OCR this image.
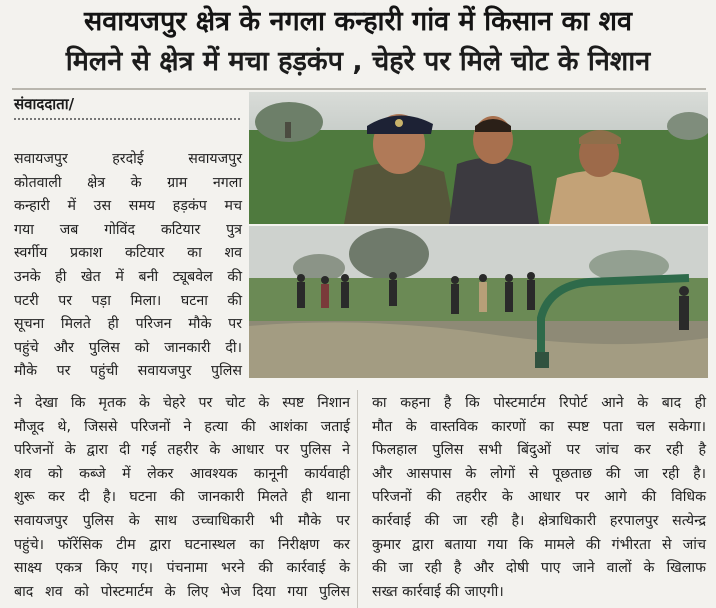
सवायजपुर क्षेत्र के नगला कन्हारी गांव में किसान का शव
मिलने से क्षेत्र में मचा हड़कंप , चेहरे पर मिले चोट के निशान
संवाददाता/
सवायजपुर हरदोई सवायजपुर
कोतवाली क्षेत्र के ग्राम नगला
कन्हारी में उस समय हड़कंप मच
गया जब गोविंद कटियार पुत्र
स्वर्गीय प्रकाश कटियार का शव
उनके ही खेत में बनी ट्यूबवेल की
पटरी पर पड़ा मिला। घटना की
सूचना मिलते ही परिजन मौके पर
पहुंचे और पुलिस को जानकारी दी।
मौके पर पहुंची सवायजपुर पुलिस
ने देखा कि मृतक के चेहरे पर चोट के स्पष्ट निशान
मौजूद थे, जिससे परिजनों ने हत्या की आशंका जताई
परिजनों के द्वारा दी गई तहरीर के आधार पर पुलिस ने
शव को कब्जे में लेकर आवश्यक कानूनी कार्यवाही
शुरू कर दी है। घटना की जानकारी मिलते ही थाना
सवायजपुर पुलिस के साथ उच्चाधिकारी भी मौके पर
पहुंचे। फॉरेंसिक टीम द्वारा घटनास्थल का निरीक्षण कर
साक्ष्य एकत्र किए गए। पंचनामा भरने की कार्रवाई के
बाद शव को पोस्टमार्टम के लिए भेज दिया गया पुलिस
का कहना है कि पोस्टमार्टम रिपोर्ट आने के बाद ही
मौत के वास्तविक कारणों का स्पष्ट पता चल सकेगा।
फिलहाल पुलिस सभी बिंदुओं पर जांच कर रही है
और आसपास के लोगों से पूछताछ की जा रही है।
परिजनों की तहरीर के आधार पर आगे की विधिक
कार्रवाई की जा रही है। क्षेत्राधिकारी हरपालपुर सत्येन्द्र
कुमार द्वारा बताया गया कि मामले की गंभीरता से जांच
की जा रही है और दोषी पाए जाने वालों के खिलाफ
सख्त कार्रवाई की जाएगी।
